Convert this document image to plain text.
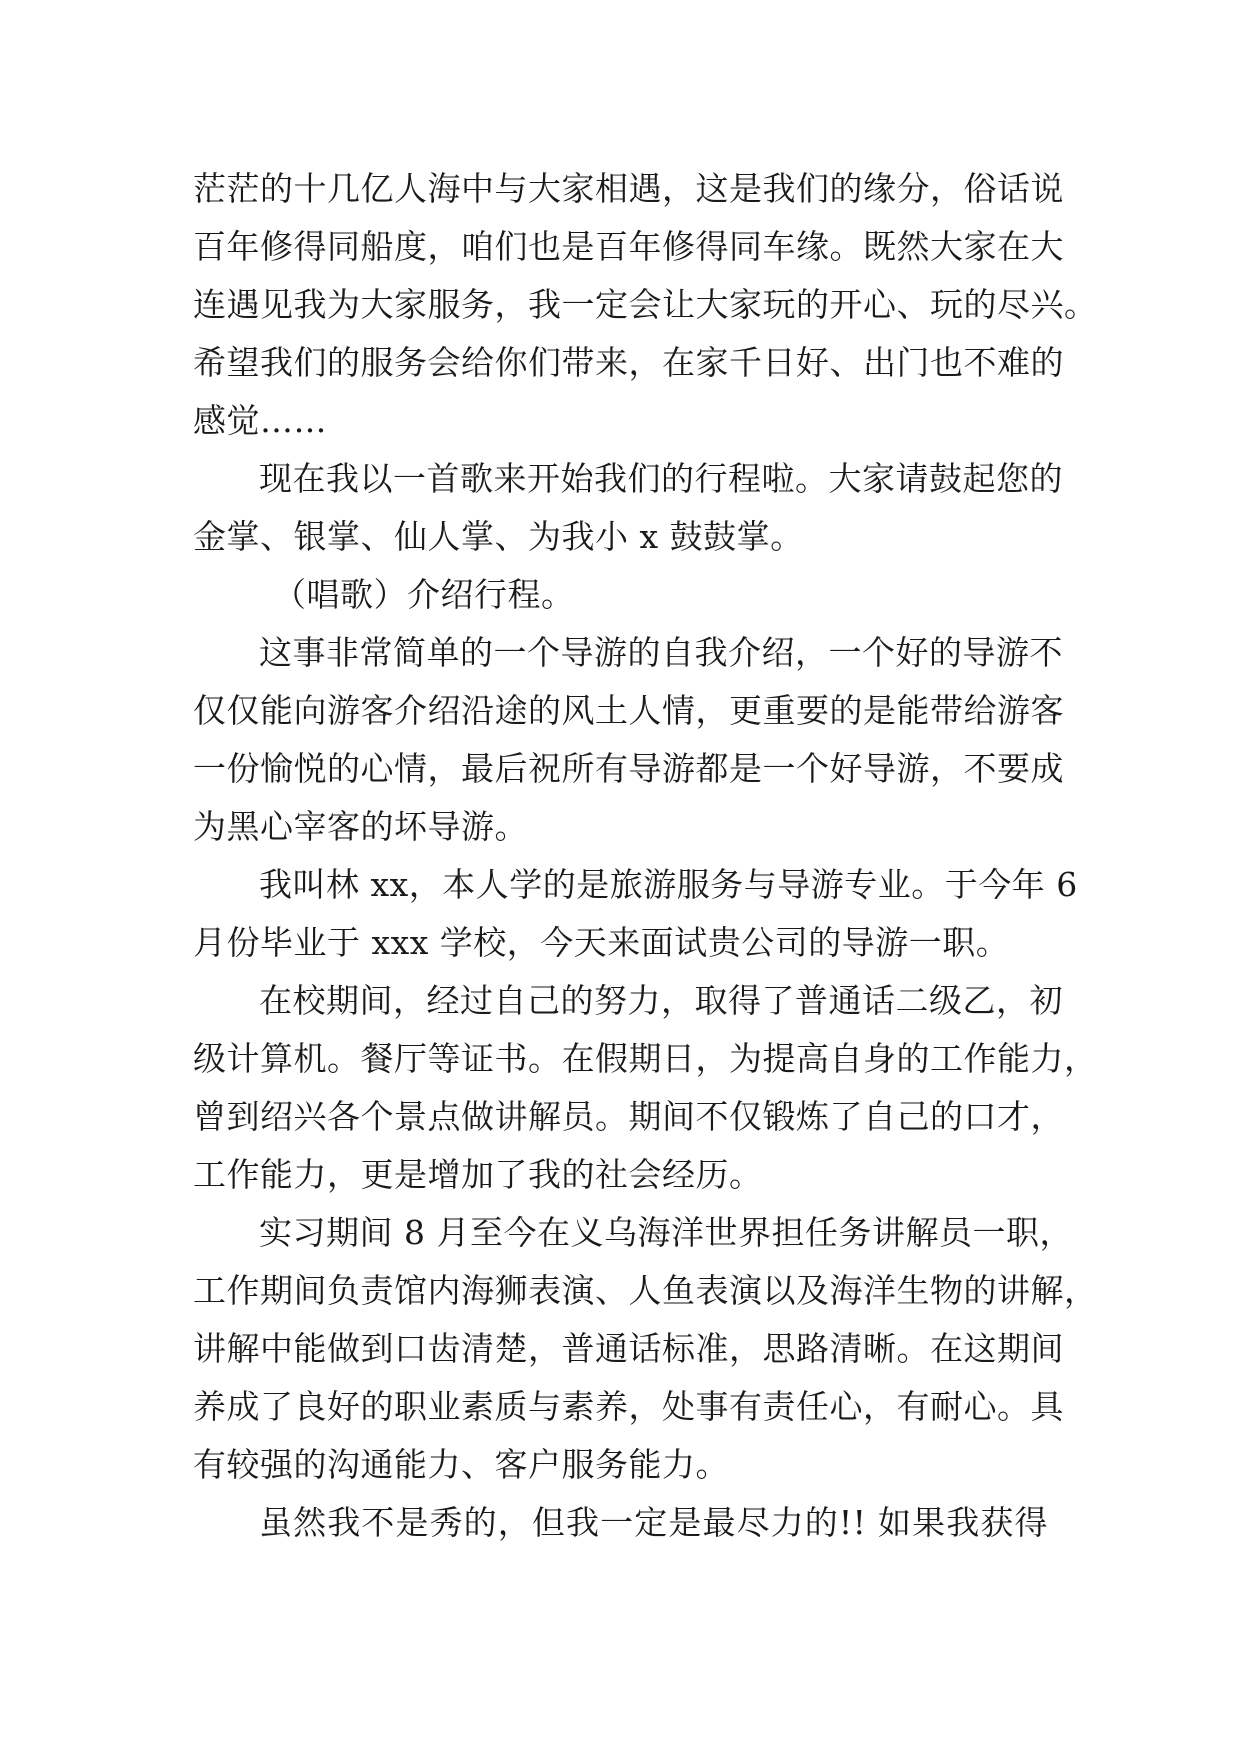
茫茫的十几亿人海中与大家相遇，这是我们的缘分，俗话说
百年修得同船度，咱们也是百年修得同车缘。既然大家在大
连遇见我为大家服务，我一定会让大家玩的开心、玩的尽兴。
希望我们的服务会给你们带来，在家千日好、出门也不难的
感觉……
现在我以一首歌来开始我们的行程啦。大家请鼓起您的
金掌、银掌、仙人掌、为我小 x 鼓鼓掌。
（唱歌）介绍行程。
这事非常简单的一个导游的自我介绍，一个好的导游不
仅仅能向游客介绍沿途的风土人情，更重要的是能带给游客
一份愉悦的心情，最后祝所有导游都是一个好导游，不要成
为黑心宰客的坏导游。
我叫林 xx，本人学的是旅游服务与导游专业。于今年 6
月份毕业于 xxx 学校，今天来面试贵公司的导游一职。
在校期间，经过自己的努力，取得了普通话二级乙，初
级计算机。餐厅等证书。在假期日，为提高自身的工作能力，
曾到绍兴各个景点做讲解员。期间不仅锻炼了自己的口才，
工作能力，更是增加了我的社会经历。
实习期间 8 月至今在义乌海洋世界担任务讲解员一职，
工作期间负责馆内海狮表演、人鱼表演以及海洋生物的讲解，
讲解中能做到口齿清楚，普通话标准，思路清晰。在这期间
养成了良好的职业素质与素养，处事有责任心，有耐心。具
有较强的沟通能力、客户服务能力。
虽然我不是秀的，但我一定是最尽力的!! 如果我获得
